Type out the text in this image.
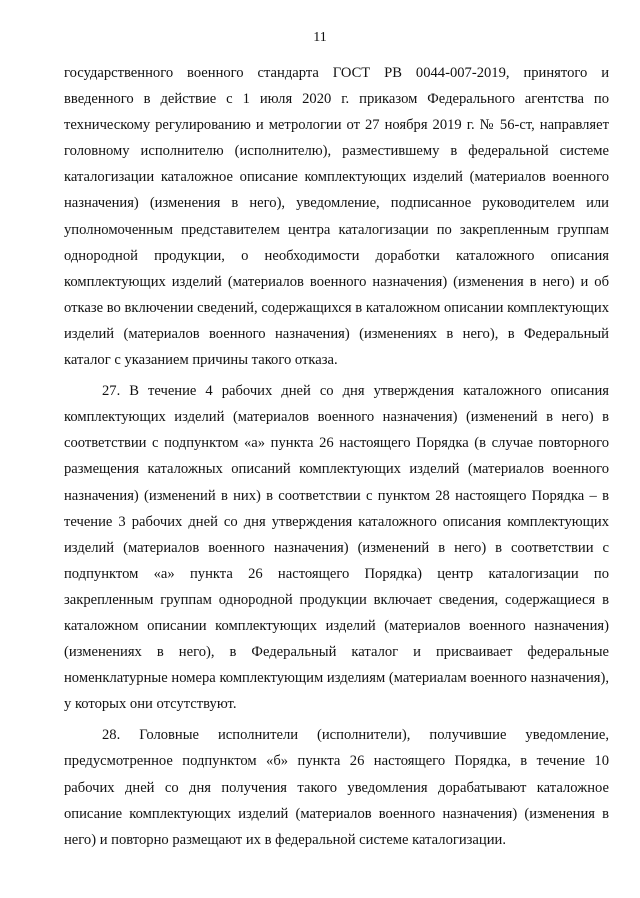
11

государственного военного стандарта ГОСТ РВ 0044-007-2019, принятого и введенного в действие с 1 июля 2020 г. приказом Федерального агентства по техническому регулированию и метрологии от 27 ноября 2019 г. № 56-ст, направляет головному исполнителю (исполнителю), разместившему в федеральной системе каталогизации каталожное описание комплектующих изделий (материалов военного назначения) (изменения в него), уведомление, подписанное руководителем или уполномоченным представителем центра каталогизации по закрепленным группам однородной продукции, о необходимости доработки каталожного описания комплектующих изделий (материалов военного назначения) (изменения в него) и об отказе во включении сведений, содержащихся в каталожном описании комплектующих изделий (материалов военного назначения) (изменениях в него), в Федеральный каталог с указанием причины такого отказа.

27. В течение 4 рабочих дней со дня утверждения каталожного описания комплектующих изделий (материалов военного назначения) (изменений в него) в соответствии с подпунктом «а» пункта 26 настоящего Порядка (в случае повторного размещения каталожных описаний комплектующих изделий (материалов военного назначения) (изменений в них) в соответствии с пунктом 28 настоящего Порядка – в течение 3 рабочих дней со дня утверждения каталожного описания комплектующих изделий (материалов военного назначения) (изменений в него) в соответствии с подпунктом «а» пункта 26 настоящего Порядка) центр каталогизации по закрепленным группам однородной продукции включает сведения, содержащиеся в каталожном описании комплектующих изделий (материалов военного назначения) (изменениях в него), в Федеральный каталог и присваивает федеральные номенклатурные номера комплектующим изделиям (материалам военного назначения), у которых они отсутствуют.

28. Головные исполнители (исполнители), получившие уведомление, предусмотренное подпунктом «б» пункта 26 настоящего Порядка, в течение 10 рабочих дней со дня получения такого уведомления дорабатывают каталожное описание комплектующих изделий (материалов военного назначения) (изменения в него) и повторно размещают их в федеральной системе каталогизации.
